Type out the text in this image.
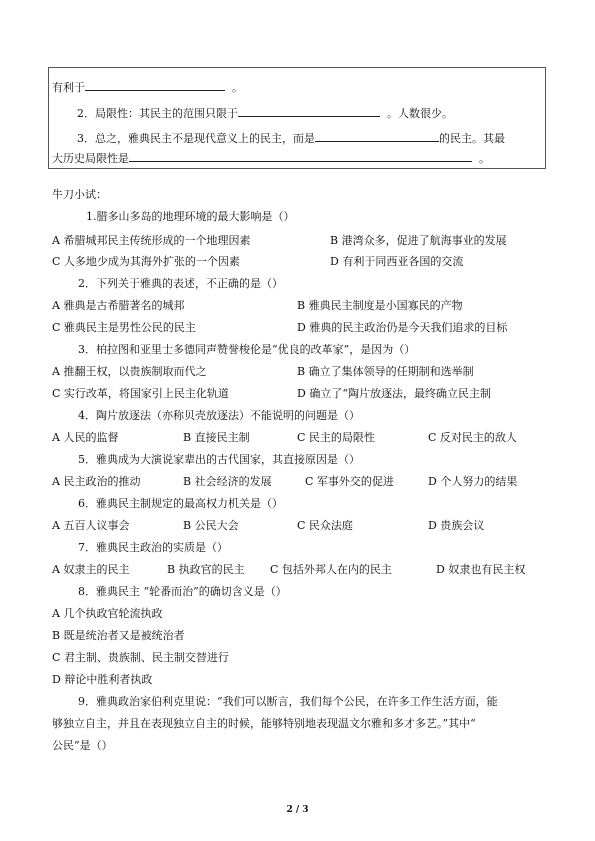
有利于	。
2．局限性：其民主的范围只限于	。人数很少。
3．总之，雅典民主不是现代意义上的民主，而是	的民主。其最
大历史局限性是	。
牛刀小试：
1.腊多山多岛的地理环境的最大影响是（）
A 希腊城邦民主传统形成的一个地理因素	B 港湾众多，促进了航海事业的发展
C 人多地少成为其海外扩张的一个因素	D 有利于同西亚各国的交流
2．下列关于雅典的表述，不正确的是（）
A 雅典是古希腊著名的城邦	B 雅典民主制度是小国寡民的产物
C 雅典民主是男性公民的民主	D 雅典的民主政治仍是今天我们追求的目标
3．柏拉图和亚里士多德同声赞誉梭伦是“优良的改革家”，是因为（）
A 推翻王权，以贵族制取而代之	B 确立了集体领导的任期制和选举制
C 实行改革，将国家引上民主化轨道	D 确立了“陶片放逐法，最终确立民主制
4．陶片放逐法（亦称贝壳放逐法）不能说明的问题是（）
A 人民的监督	B 直接民主制	C 民主的局限性	C 反对民主的敌人
5．雅典成为大演说家辈出的古代国家，其直接原因是（）
A 民主政治的推动	B 社会经济的发展	C 军事外交的促进	D 个人努力的结果
6．雅典民主制规定的最高权力机关是（）
A 五百人议事会	B 公民大会	C 民众法庭	D 贵族会议
7．雅典民主政治的实质是（）
A 奴隶主的民主	B 执政官的民主 C 包括外邦人在内的民主	D 奴隶也有民主权
8．雅典民主 “轮番而治”的确切含义是（）
A 几个执政官轮流执政
B 既是统治者又是被统治者
C 君主制、贵族制、民主制交替进行
D 辩论中胜利者执政
9．雅典政治家伯利克里说：“我们可以断言，我们每个公民，在许多工作生活方面，能
够独立自主，并且在表现独立自主的时候，能够特别地表现温文尔雅和多才多艺。”其中“
公民”是（）
2 / 3
